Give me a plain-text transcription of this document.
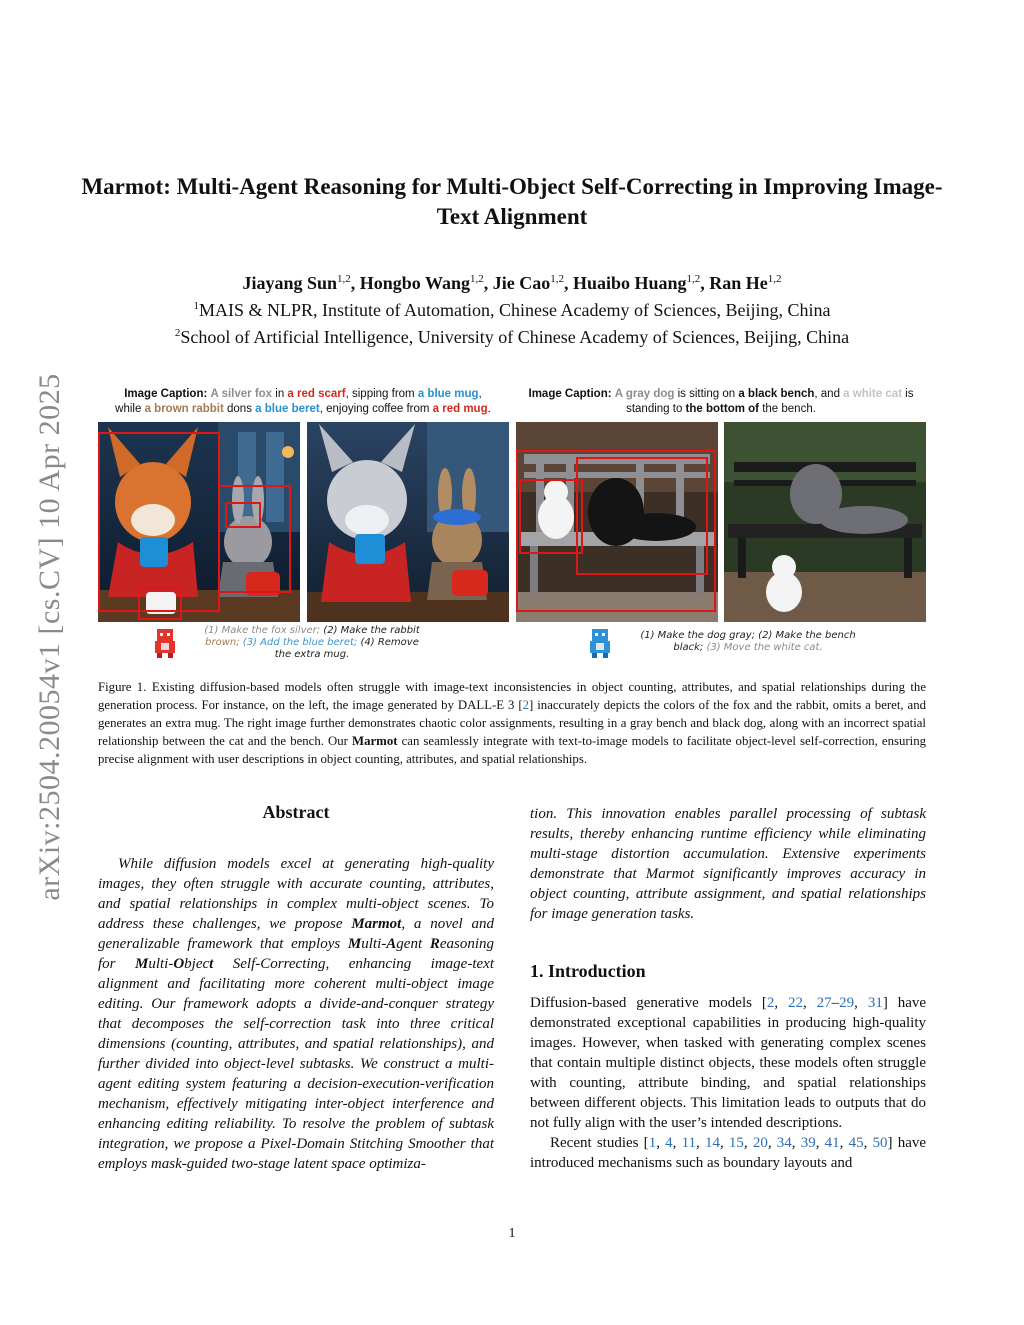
arXiv:2504.20054v1 [cs.CV] 10 Apr 2025
Marmot: Multi-Agent Reasoning for Multi-Object Self-Correcting in Improving Image-Text Alignment
Jiayang Sun$^{1,2}$, Hongbo Wang$^{1,2}$, Jie Cao$^{1,2}$, Huaibo Huang$^{1,2}$, Ran He$^{1,2}$
$^1$MAIS & NLPR, Institute of Automation, Chinese Academy of Sciences, Beijing, China
$^2$School of Artificial Intelligence, University of Chinese Academy of Sciences, Beijing, China
Image Caption: A silver fox in a red scarf, sipping from a blue mug,
while a brown rabbit dons a blue beret, enjoying coffee from a red mug.
Image Caption: A gray dog is sitting on a black bench, and a white cat is
standing to the bottom of the bench.
(1) Make the fox silver; (2) Make the rabbit
brown; (3) Add the blue beret; (4) Remove
the extra mug.
(1) Make the dog gray; (2) Make the bench
black; (3) Move the white cat.
Figure 1. Existing diffusion-based models often struggle with image-text inconsistencies in object counting, attributes, and spatial relationships during the generation process. For instance, on the left, the image generated by DALL-E 3 [2] inaccurately depicts the colors of the fox and the rabbit, omits a beret, and generates an extra mug. The right image further demonstrates chaotic color assignments, resulting in a gray bench and black dog, along with an incorrect spatial relationship between the cat and the bench. Our Marmot can seamlessly integrate with text-to-image models to facilitate object-level self-correction, ensuring precise alignment with user descriptions in object counting, attributes, and spatial relationships.
Abstract
While diffusion models excel at generating high-quality images, they often struggle with accurate counting, attributes, and spatial relationships in complex multi-object scenes. To address these challenges, we propose Marmot, a novel and generalizable framework that employs Multi-Agent Reasoning for Multi-Object Self-Correcting, enhancing image-text alignment and facilitating more coherent multi-object image editing. Our framework adopts a divide-and-conquer strategy that decomposes the self-correction task into three critical dimensions (counting, attributes, and spatial relationships), and further divided into object-level subtasks. We construct a multi-agent editing system featuring a decision-execution-verification mechanism, effectively mitigating inter-object interference and enhancing editing reliability. To resolve the problem of subtask integration, we propose a Pixel-Domain Stitching Smoother that employs mask-guided two-stage latent space optimiza-
tion. This innovation enables parallel processing of subtask results, thereby enhancing runtime efficiency while eliminating multi-stage distortion accumulation. Extensive experiments demonstrate that Marmot significantly improves accuracy in object counting, attribute assignment, and spatial relationships for image generation tasks.
1. Introduction
Diffusion-based generative models [2, 22, 27–29, 31] have demonstrated exceptional capabilities in producing high-quality images. However, when tasked with generating complex scenes that contain multiple distinct objects, these models often struggle with counting, attribute binding, and spatial relationships between different objects. This limitation leads to outputs that do not fully align with the user’s intended descriptions.
Recent studies [1, 4, 11, 14, 15, 20, 34, 39, 41, 45, 50] have introduced mechanisms such as boundary layouts and
1
